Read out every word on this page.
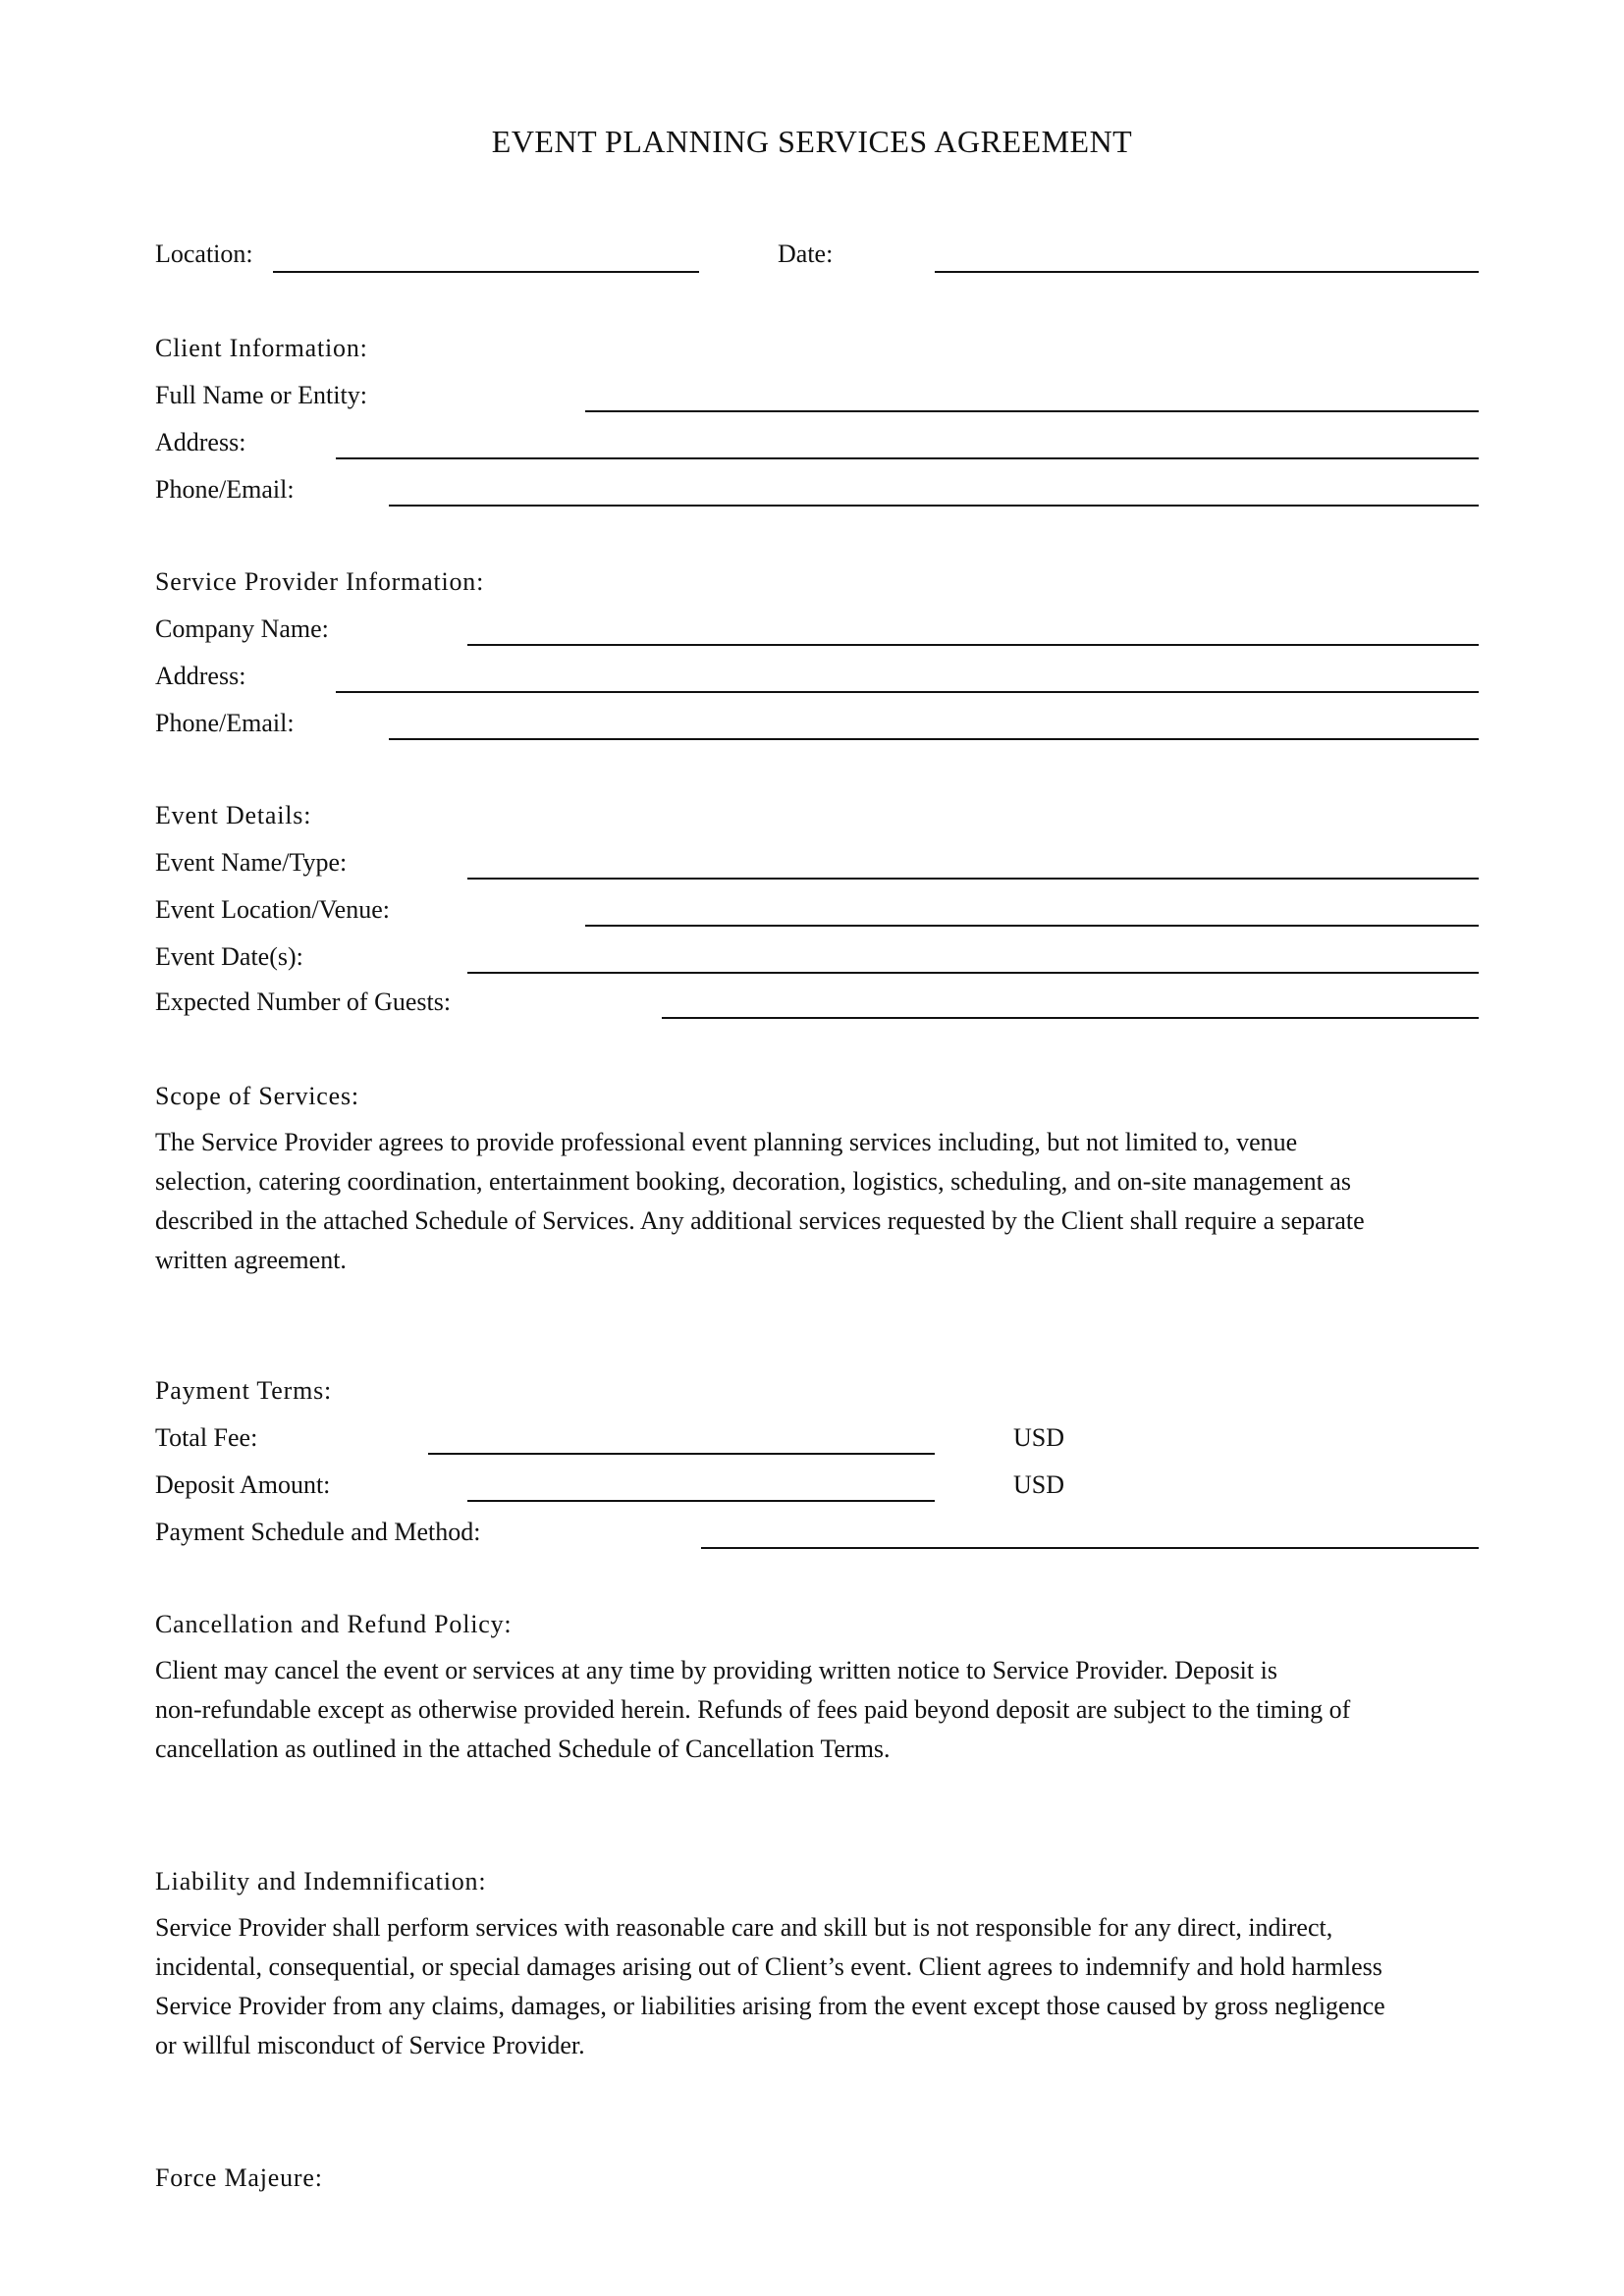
EVENT PLANNING SERVICES AGREEMENT
Location:	Date:
Client Information:
Full Name or Entity:
Address:
Phone/Email:
Service Provider Information:
Company Name:
Address:
Phone/Email:
Event Details:
Event Name/Type:
Event Location/Venue:
Event Date(s):
Expected Number of Guests:
Scope of Services:
The Service Provider agrees to provide professional event planning services including, but not limited to, venue
selection, catering coordination, entertainment booking, decoration, logistics, scheduling, and on-site management as
described in the attached Schedule of Services. Any additional services requested by the Client shall require a separate
written agreement.
Payment Terms:
Total Fee:	USD
Deposit Amount:	USD
Payment Schedule and Method:
Cancellation and Refund Policy:
Client may cancel the event or services at any time by providing written notice to Service Provider. Deposit is
non-refundable except as otherwise provided herein. Refunds of fees paid beyond deposit are subject to the timing of
cancellation as outlined in the attached Schedule of Cancellation Terms.
Liability and Indemnification:
Service Provider shall perform services with reasonable care and skill but is not responsible for any direct, indirect,
incidental, consequential, or special damages arising out of Client’s event. Client agrees to indemnify and hold harmless
Service Provider from any claims, damages, or liabilities arising from the event except those caused by gross negligence
or willful misconduct of Service Provider.
Force Majeure:
